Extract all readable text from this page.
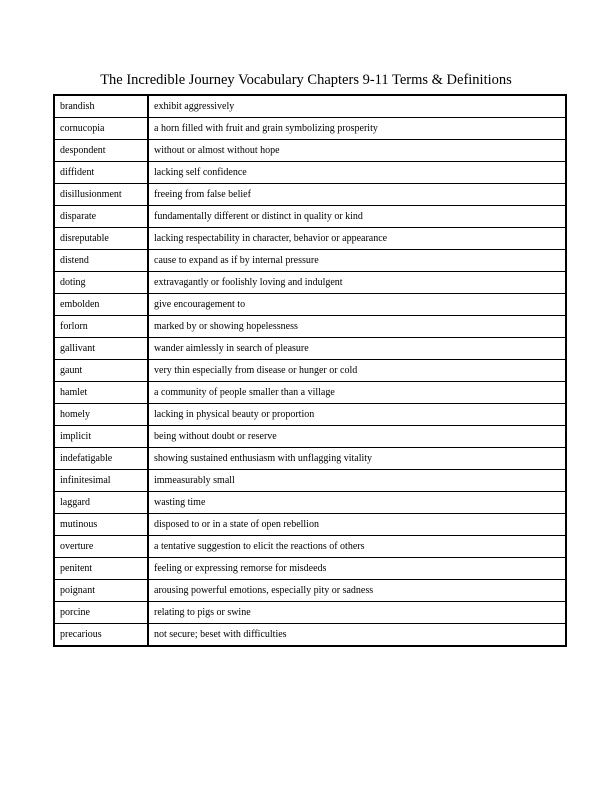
The Incredible Journey Vocabulary Chapters 9-11 Terms & Definitions
brandish	exhibit aggressively
cornucopia	a horn filled with fruit and grain symbolizing prosperity
despondent	without or almost without hope
diffident	lacking self confidence
disillusionment	freeing from false belief
disparate	fundamentally different or distinct in quality or kind
disreputable	lacking respectability in character, behavior or appearance
distend	cause to expand as if by internal pressure
doting	extravagantly or foolishly loving and indulgent
embolden	give encouragement to
forlorn	marked by or showing hopelessness
gallivant	wander aimlessly in search of pleasure
gaunt	very thin especially from disease or hunger or cold
hamlet	a community of people smaller than a village
homely	lacking in physical beauty or proportion
implicit	being without doubt or reserve
indefatigable	showing sustained enthusiasm with unflagging vitality
infinitesimal	immeasurably small
laggard	wasting time
mutinous	disposed to or in a state of open rebellion
overture	a tentative suggestion to elicit the reactions of others
penitent	feeling or expressing remorse for misdeeds
poignant	arousing powerful emotions, especially pity or sadness
porcine	relating to pigs or swine
precarious	not secure; beset with difficulties
